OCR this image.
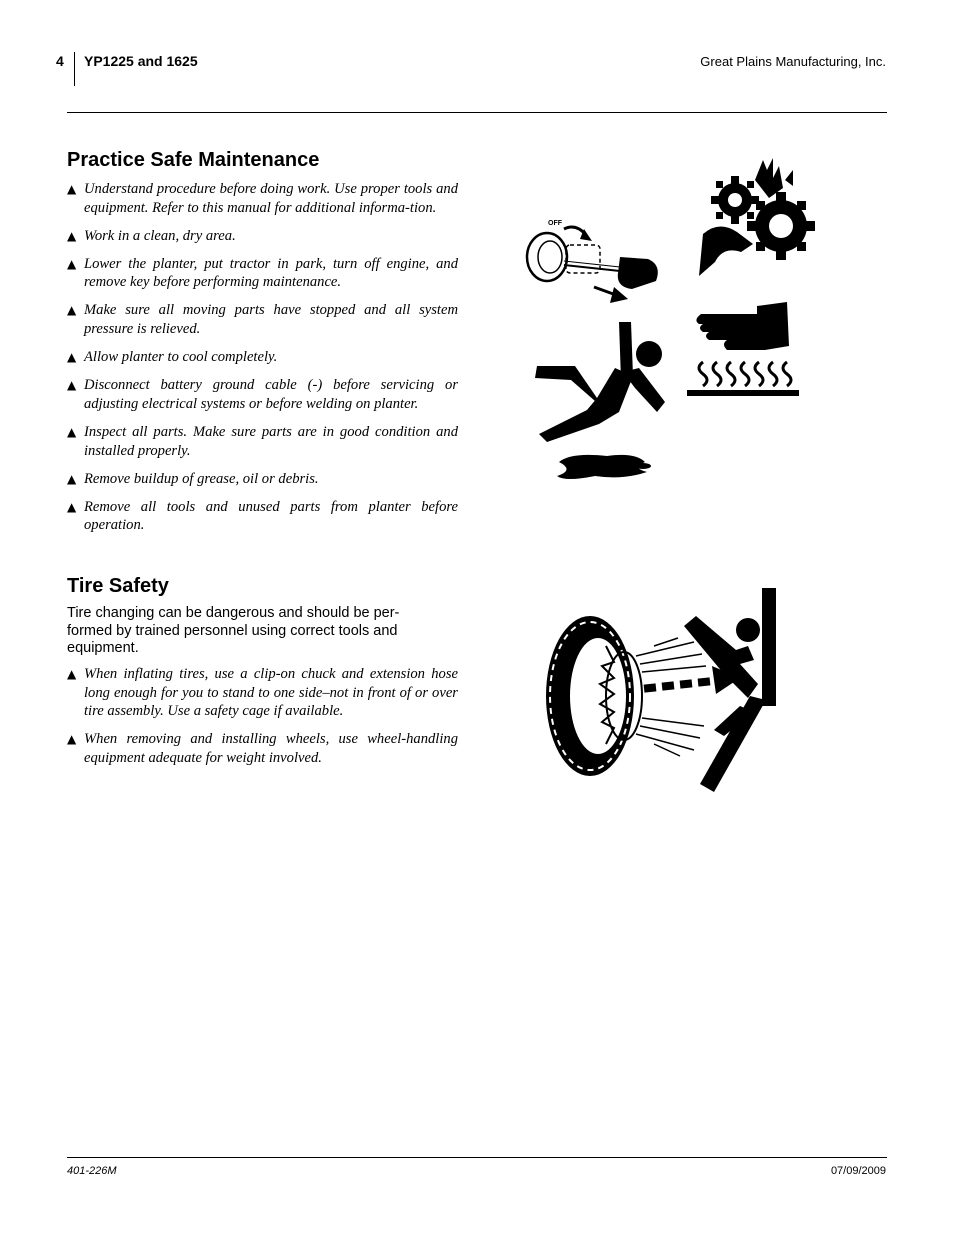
4 YP1225 and 1625	Great Plains Manufacturing, Inc.
Practice Safe Maintenance
▲ Understand procedure before doing work. Use proper tools and equipment. Refer to this manual for additional informa-tion.
▲ Work in a clean, dry area.
▲ Lower the planter, put tractor in park, turn off engine, and remove key before performing maintenance.
▲ Make sure all moving parts have stopped and all system pressure is relieved.
▲ Allow planter to cool completely.
▲ Disconnect battery ground cable (-) before servicing or adjusting electrical systems or before welding on planter.
▲ Inspect all parts. Make sure parts are in good condition and installed properly.
▲ Remove buildup of grease, oil or debris.
▲ Remove all tools and unused parts from planter before operation.
Tire Safety
Tire changing can be dangerous and should be per-formed by trained personnel using correct tools and equipment.
▲ When inflating tires, use a clip-on chuck and extension hose long enough for you to stand to one side–not in front of or over tire assembly. Use a safety cage if available.
▲ When removing and installing wheels, use wheel-handling equipment adequate for weight involved.
OFF
401-226M	07/09/2009
